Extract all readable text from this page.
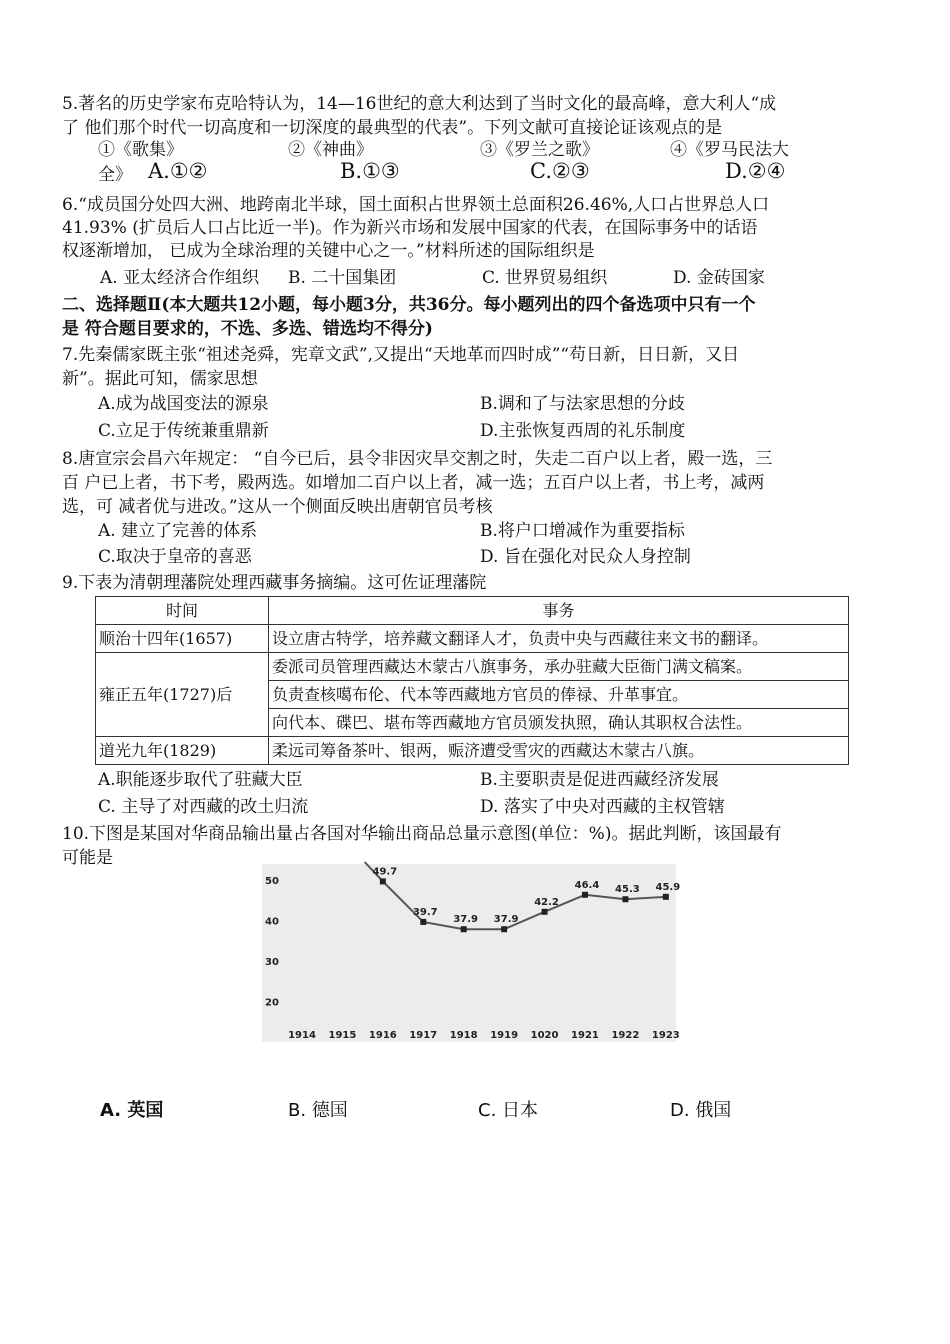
5.著名的历史学家布克哈特认为，14—16世纪的意大利达到了当时文化的最高峰，意大利人“成
了 他们那个时代一切高度和一切深度的最典型的代表”。下列文献可直接论证该观点的是
①《歌集》	②《神曲》	③《罗兰之歌》	④《罗马民法大
全》 A.①②	B.①③	C.②③	D.②④
6.“成员国分处四大洲、地跨南北半球，国土面积占世界领土总面积26.46%,人口占世界总人口
41.93% (扩员后人口占比近一半)。作为新兴市场和发展中国家的代表，在国际事务中的话语
权逐渐增加， 已成为全球治理的关键中心之一。”材料所述的国际组织是
A. 亚太经济合作组织 B. 二十国集团	C. 世界贸易组织	D. 金砖国家
二、选择题Ⅱ(本大题共12小题，每小题3分，共36分。每小题列出的四个备选项中只有一个
是 符合题目要求的，不选、多选、错选均不得分)
7.先秦儒家既主张“祖述尧舜，宪章文武”,又提出“天地革而四时成”“苟日新，日日新，又日
新”。据此可知，儒家思想
A.成为战国变法的源泉	B.调和了与法家思想的分歧
C.立足于传统兼重鼎新	D.主张恢复西周的礼乐制度
8.唐宣宗会昌六年规定： “自今已后，县令非因灾旱交割之时，失走二百户以上者，殿一选，三
百 户已上者，书下考，殿两选。如增加二百户以上者，减一选；五百户以上者，书上考，减两
选，可 减者优与进改。”这从一个侧面反映出唐朝官员考核
A. 建立了完善的体系	B.将户口增减作为重要指标
C.取决于皇帝的喜恶	D. 旨在强化对民众人身控制
9.下表为清朝理藩院处理西藏事务摘编。这可佐证理藩院
时间	事务
顺治十四年(1657)	设立唐古特学，培养藏文翻译人才，负责中央与西藏往来文书的翻译。
雍正五年(1727)后	委派司员管理西藏达木蒙古八旗事务，承办驻藏大臣衙门满文稿案。
	负责查核噶布伦、代本等西藏地方官员的俸禄、升革事宜。
	向代本、碟巴、堪布等西藏地方官员颁发执照，确认其职权合法性。
道光九年(1829)	柔远司筹备茶叶、银两，赈济遭受雪灾的西藏达木蒙古八旗。
A.职能逐步取代了驻藏大臣	B.主要职责是促进西藏经济发展
C. 主导了对西藏的改土归流	D. 落实了中央对西藏的主权管辖
10.下图是某国对华商品输出量占各国对华输出商品总量示意图(单位：%)。据此判断，该国最有
可能是
50
40
30
20
1914 1915 1916 1917 1918 1919 1020 1921 1922 1923
49.7
39.7
37.9 37.9
42.2
46.4 45.3 45.9
A. 英国	B. 德国	C. 日本	D. 俄国
